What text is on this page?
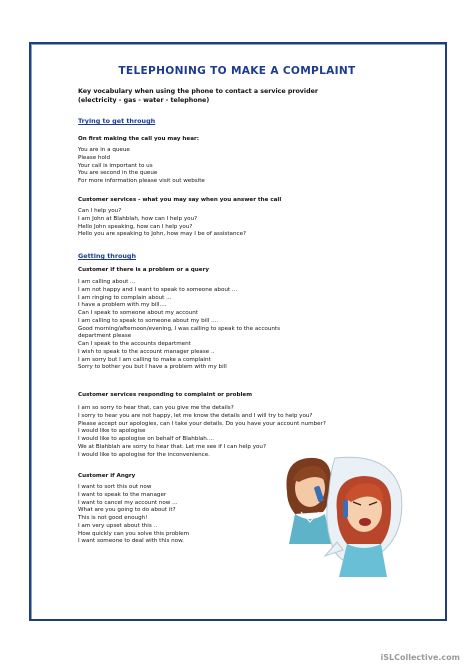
TELEPHONING TO MAKE A COMPLAINT
Key vocabulary when using the phone to contact a service provider
(electricity - gas - water - telephone)
Trying to get through
On first making the call you may hear:
You are in a queue
Please hold
Your call is important to us
You are second in the queue
For more information please visit out website
Customer services - what you may say when you answer the call
Can I help you?
I am John at Blahblah, how can I help you?
Hello John speaking, how can I help you?
Hello you are speaking to John, how may I be of assistance?
Getting through
Customer if there is a problem or a query
I am calling about ...
I am not happy and I want to speak to someone about ...
I am ringing to complain about ...
I have a problem with my bill....
Can I speak to someone about my account
I am calling to speak to someone about my bill ....
Good morning/afternoon/evening, I was calling to speak to the accounts
department please
Can I speak to the accounts department
I wish to speak to the account manager please ..
I am sorry but I am calling to make a complaint
Sorry to bother you but I have a problem with my bill
Customer services responding to complaint or problem
I am so sorry to hear that, can you give me the details?
I sorry to hear you are not happy, let me know the details and I will try to help you?
Please accept our apologies, can I take your details. Do you have your account number?
I would like to apologise
I would like to apologise on behalf of Blahblah....
We at Blahblah are sorry to hear that. Let me see if I can help you?
I would like to apologise for the inconvenience.
Customer if Angry
I want to sort this out now
I want to speak to the manager
I want to cancel my account now ...
What are you going to do about it?
This is not good enough!
I am very upset about this ..
How quickly can you solve this problem
I want someone to deal with this now.
iSLCollective.com
